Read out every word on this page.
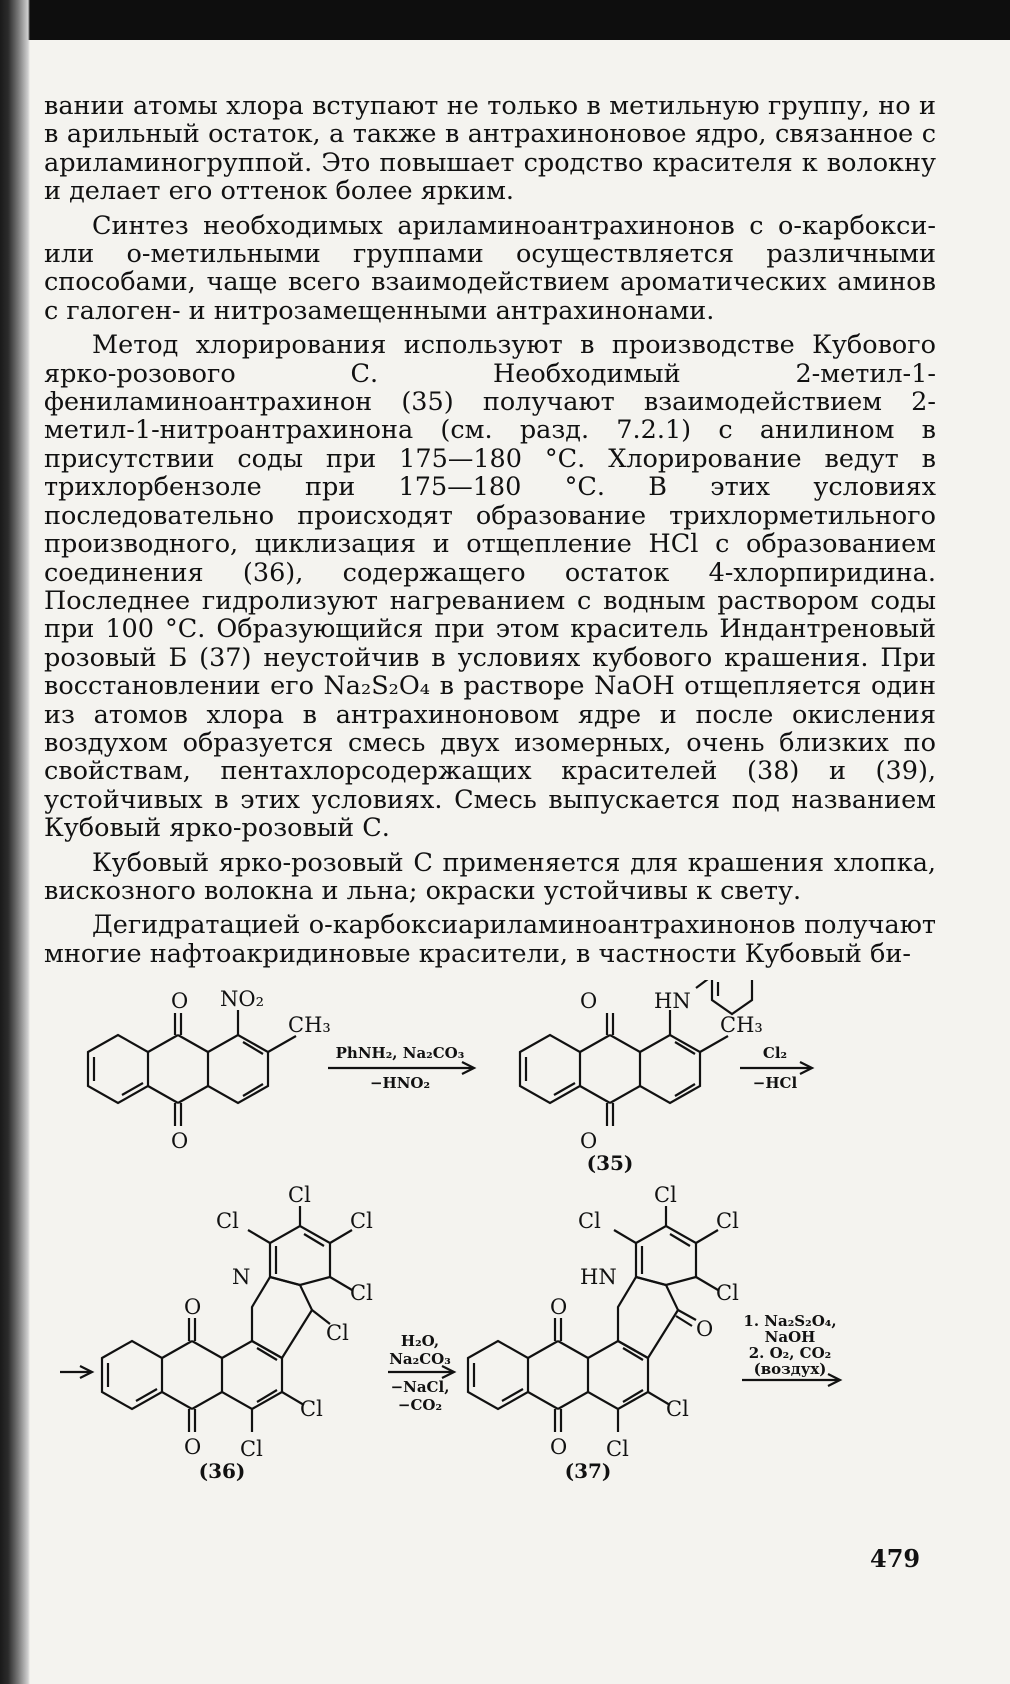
вании атомы хлора вступают не только в метильную группу, но и в арильный остаток, а также в антрахиноновое ядро, связанное с ариламиногруппой. Это повышает сродство красителя к волокну и делает его оттенок более ярким.

Синтез необходимых ариламиноантрахинонов с о-карбокси- или о-метильными группами осуществляется различными способами, чаще всего взаимодействием ароматических аминов с галоген- и нитрозамещенными антрахинонами.

Метод хлорирования используют в производстве Кубового ярко-розового С. Необходимый 2-метил-1-фениламиноантрахинон (35) получают взаимодействием 2-метил-1-нитроантрахинона (см. разд. 7.2.1) с анилином в присутствии соды при 175—180 °С. Хлорирование ведут в трихлорбензоле при 175—180 °С. В этих условиях последовательно происходят образование трихлорметильного производного, циклизация и отщепление HCl с образованием соединения (36), содержащего остаток 4-хлорпиридина. Последнее гидролизуют нагреванием с водным раствором соды при 100 °С. Образующийся при этом краситель Индантреновый розовый Б (37) неустойчив в условиях кубового крашения. При восстановлении его Na₂S₂O₄ в растворе NaOH отщепляется один из атомов хлора в антрахиноновом ядре и после окисления воздухом образуется смесь двух изомерных, очень близких по свойствам, пентахлорсодержащих красителей (38) и (39), устойчивых в этих условиях. Смесь выпускается под названием Кубовый ярко-розовый С.

Кубовый ярко-розовый С применяется для крашения хлопка, вискозного волокна и льна; окраски устойчивы к свету.

Дегидратацией о-карбоксиариламиноантрахинонов получают многие нафтоакридиновые красители, в частности Кубовый би-

O
O
NO₂
CH₃
O
O
HN
CH₃
O
O
N
Cl
Cl	Cl
Cl
Cl
Cl
Cl
O
O
HN
Cl
Cl	Cl
Cl
O
Cl
Cl
PhNH₂, Na₂CO₃
−HNO₂
Cl₂
−HCl
H₂O,
Na₂CO₃
−NaCl,
−CO₂
1. Na₂S₂O₄,
NaOH
2. O₂, CO₂
(воздух)
(35)
(36)	(37)
479
